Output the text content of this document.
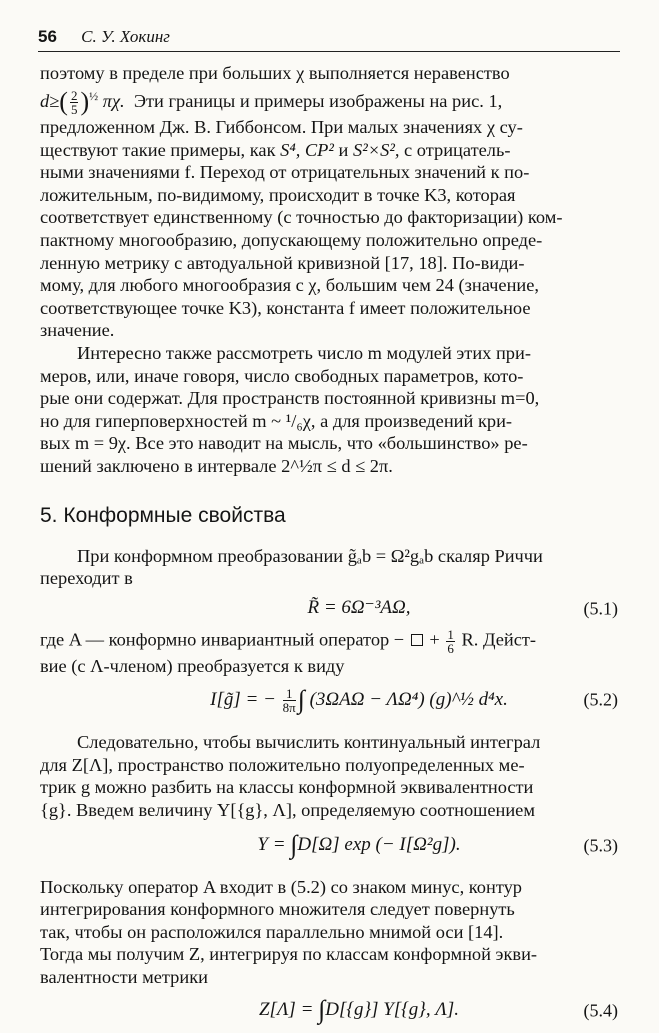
56 С. У. Хокинг

поэтому в пределе при больших χ выполняется неравенство

$d\ge( \frac{2}{5} )^{\frac{1}{2}}$ πχ. Эти границы и примеры изображены на рис. 1,

предложенном Дж. В. Гиббонсом. При малых значениях χ су-

ществуют такие примеры, как S⁴, CP² и S²×S², с отрицатель-

ными значениями f. Переход от отрицательных значений к по-

ложительным, по-видимому, происходит в точке K3, которая

соответствует единственному (с точностью до факторизации) ком-

пактному многообразию, допускающему положительно опреде-

ленную метрику с автодуальной кривизной [17, 18]. По-види-

мому, для любого многообразия с χ, большим чем 24 (значение,

соответствующее точке K3), константа f имеет положительное

значение.

Интересно также рассмотреть число m модулей этих при-

меров, или, иначе говоря, число свободных параметров, кото-

рые они содержат. Для пространств постоянной кривизны m=0,

но для гиперповерхностей m ~ ¹/₆χ, а для произведений кри-

вых m = 9χ. Все это наводит на мысль, что «большинство» ре-

шений заключено в интервале 2^½π ≤ d ≤ 2π.

5. Конформные свойства

При конформном преобразовании g̃ₐb = Ω²gₐb скаляр Риччи

переходит в

R̃ = 6Ω⁻³AΩ,	(5.1)

где A — конформно инвариантный оператор −  + $\frac{1}{6} R$. Дейст-

вие (с Λ-членом) преобразуется к виду

I[g̃] = − $\frac{1}{8\pi}$ ∫ (3ΩAΩ − ΛΩ⁴) (g)^½ d⁴x.	(5.2)

Следовательно, чтобы вычислить континуальный интеграл

для Z[Λ], пространство положительно полуопределенных ме-

трик g можно разбить на классы конформной эквивалентности

{g}. Введем величину Y[{g}, Λ], определяемую соотношением

Y = ∫D[Ω] exp (− I[Ω²g]).	(5.3)

Поскольку оператор A входит в (5.2) со знаком минус, контур

интегрирования конформного множителя следует повернуть

так, чтобы он расположился параллельно мнимой оси [14].

Тогда мы получим Z, интегрируя по классам конформной экви-

валентности метрики

Z[Λ] = ∫D[{g}] Y[{g}, Λ].	(5.4)
